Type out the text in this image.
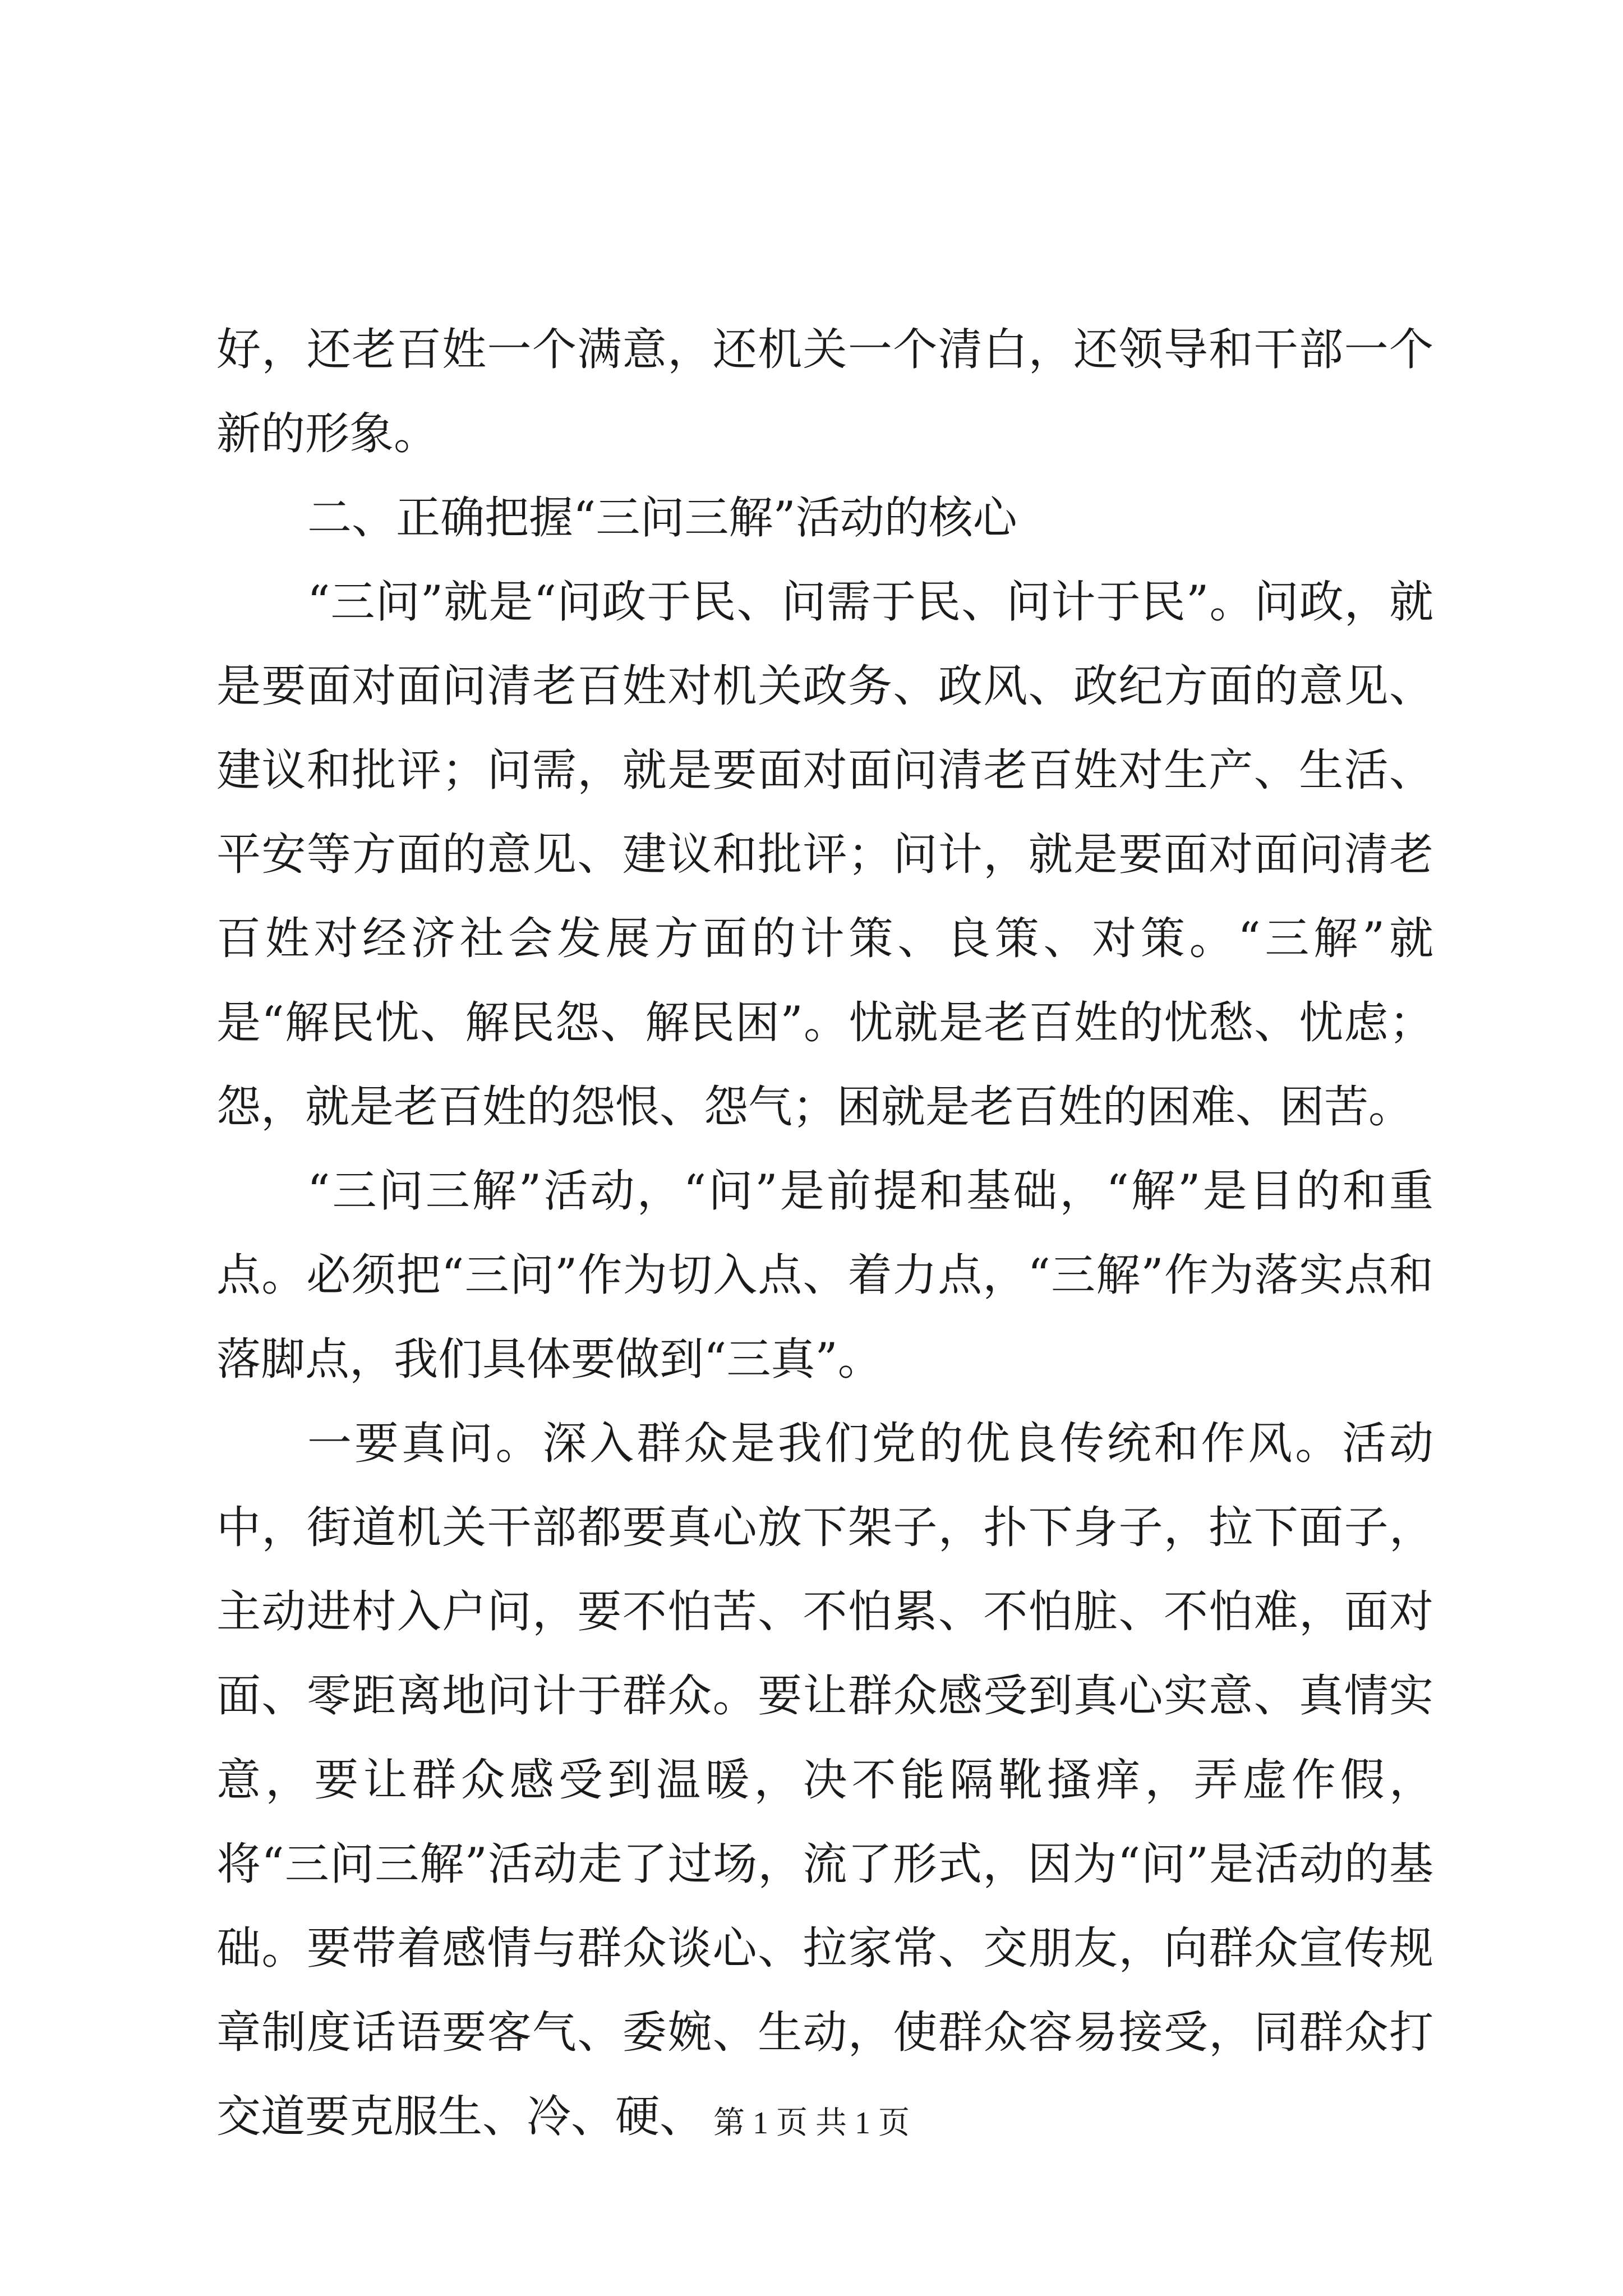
好，还老百姓一个满意，还机关一个清白，还领导和干部一个新的形象。

二、正确把握“三问三解”活动的核心

“三问”就是“问政于民、问需于民、问计于民”。问政，就是要面对面问清老百姓对机关政务、政风、政纪方面的意见、建议和批评；问需，就是要面对面问清老百姓对生产、生活、平安等方面的意见、建议和批评；问计，就是要面对面问清老百姓对经济社会发展方面的计策、良策、对策。“三解”就是“解民忧、解民怨、解民困”。忧就是老百姓的忧愁、忧虑；怨，就是老百姓的怨恨、怨气；困就是老百姓的困难、困苦。

“三问三解”活动，“问”是前提和基础，“解”是目的和重点。必须把“三问”作为切入点、着力点，“三解”作为落实点和落脚点，我们具体要做到“三真”。

一要真问。深入群众是我们党的优良传统和作风。活动中，街道机关干部都要真心放下架子，扑下身子，拉下面子，主动进村入户问，要不怕苦、不怕累、不怕脏、不怕难，面对面、零距离地问计于群众。要让群众感受到真心实意、真情实意，要让群众感受到温暖，决不能隔靴搔痒，弄虚作假，将“三问三解”活动走了过场，流了形式，因为“问”是活动的基础。要带着感情与群众谈心、拉家常、交朋友，向群众宣传规章制度话语要客气、委婉、生动，使群众容易接受，同群众打交道要克服生、冷、硬、 第 1 页 共 1 页
